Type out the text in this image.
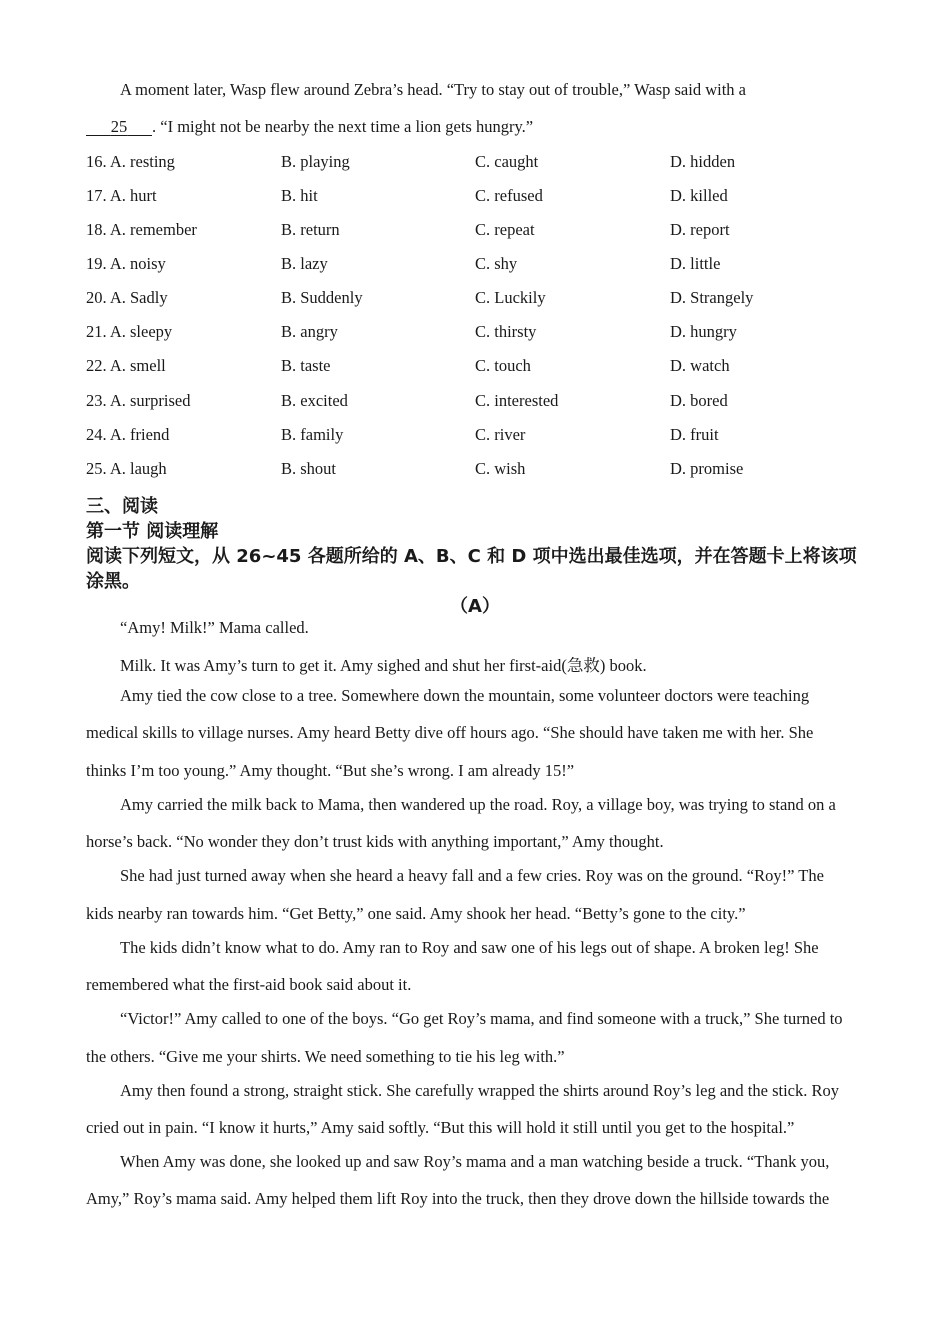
A moment later, Wasp flew around Zebra’s head. “Try to stay out of trouble,” Wasp said with a
25 . “I might not be nearby the next time a lion gets hungry.”
16. A. resting	B. playing	C. caught	D. hidden
17. A. hurt	B. hit	C. refused	D. killed
18. A. remember	B. return	C. repeat	D. report
19. A. noisy	B. lazy	C. shy	D. little
20. A. Sadly	B. Suddenly	C. Luckily	D. Strangely
21. A. sleepy	B. angry	C. thirsty	D. hungry
22. A. smell	B. taste	C. touch	D. watch
23. A. surprised	B. excited	C. interested	D. bored
24. A. friend	B. family	C. river	D. fruit
25. A. laugh	B. shout	C. wish	D. promise
三、阅读
第一节 阅读理解
阅读下列短文，从 26~45 各题所给的 A、B、C 和 D 项中选出最佳选项，并在答题卡上将该项
涂黑。
（A）
“Amy! Milk!” Mama called.
Milk. It was Amy’s turn to get it. Amy sighed and shut her first-aid(急救) book.
Amy tied the cow close to a tree. Somewhere down the mountain, some volunteer doctors were teaching
medical skills to village nurses. Amy heard Betty dive off hours ago. “She should have taken me with her. She
thinks I’m too young.” Amy thought. “But she’s wrong. I am already 15!”
Amy carried the milk back to Mama, then wandered up the road. Roy, a village boy, was trying to stand on a
horse’s back. “No wonder they don’t trust kids with anything important,” Amy thought.
She had just turned away when she heard a heavy fall and a few cries. Roy was on the ground. “Roy!” The
kids nearby ran towards him. “Get Betty,” one said. Amy shook her head. “Betty’s gone to the city.”
The kids didn’t know what to do. Amy ran to Roy and saw one of his legs out of shape. A broken leg! She
remembered what the first-aid book said about it.
“Victor!” Amy called to one of the boys. “Go get Roy’s mama, and find someone with a truck,” She turned to
the others. “Give me your shirts. We need something to tie his leg with.”
Amy then found a strong, straight stick. She carefully wrapped the shirts around Roy’s leg and the stick. Roy
cried out in pain. “I know it hurts,” Amy said softly. “But this will hold it still until you get to the hospital.”
When Amy was done, she looked up and saw Roy’s mama and a man watching beside a truck. “Thank you,
Amy,” Roy’s mama said. Amy helped them lift Roy into the truck, then they drove down the hillside towards the
